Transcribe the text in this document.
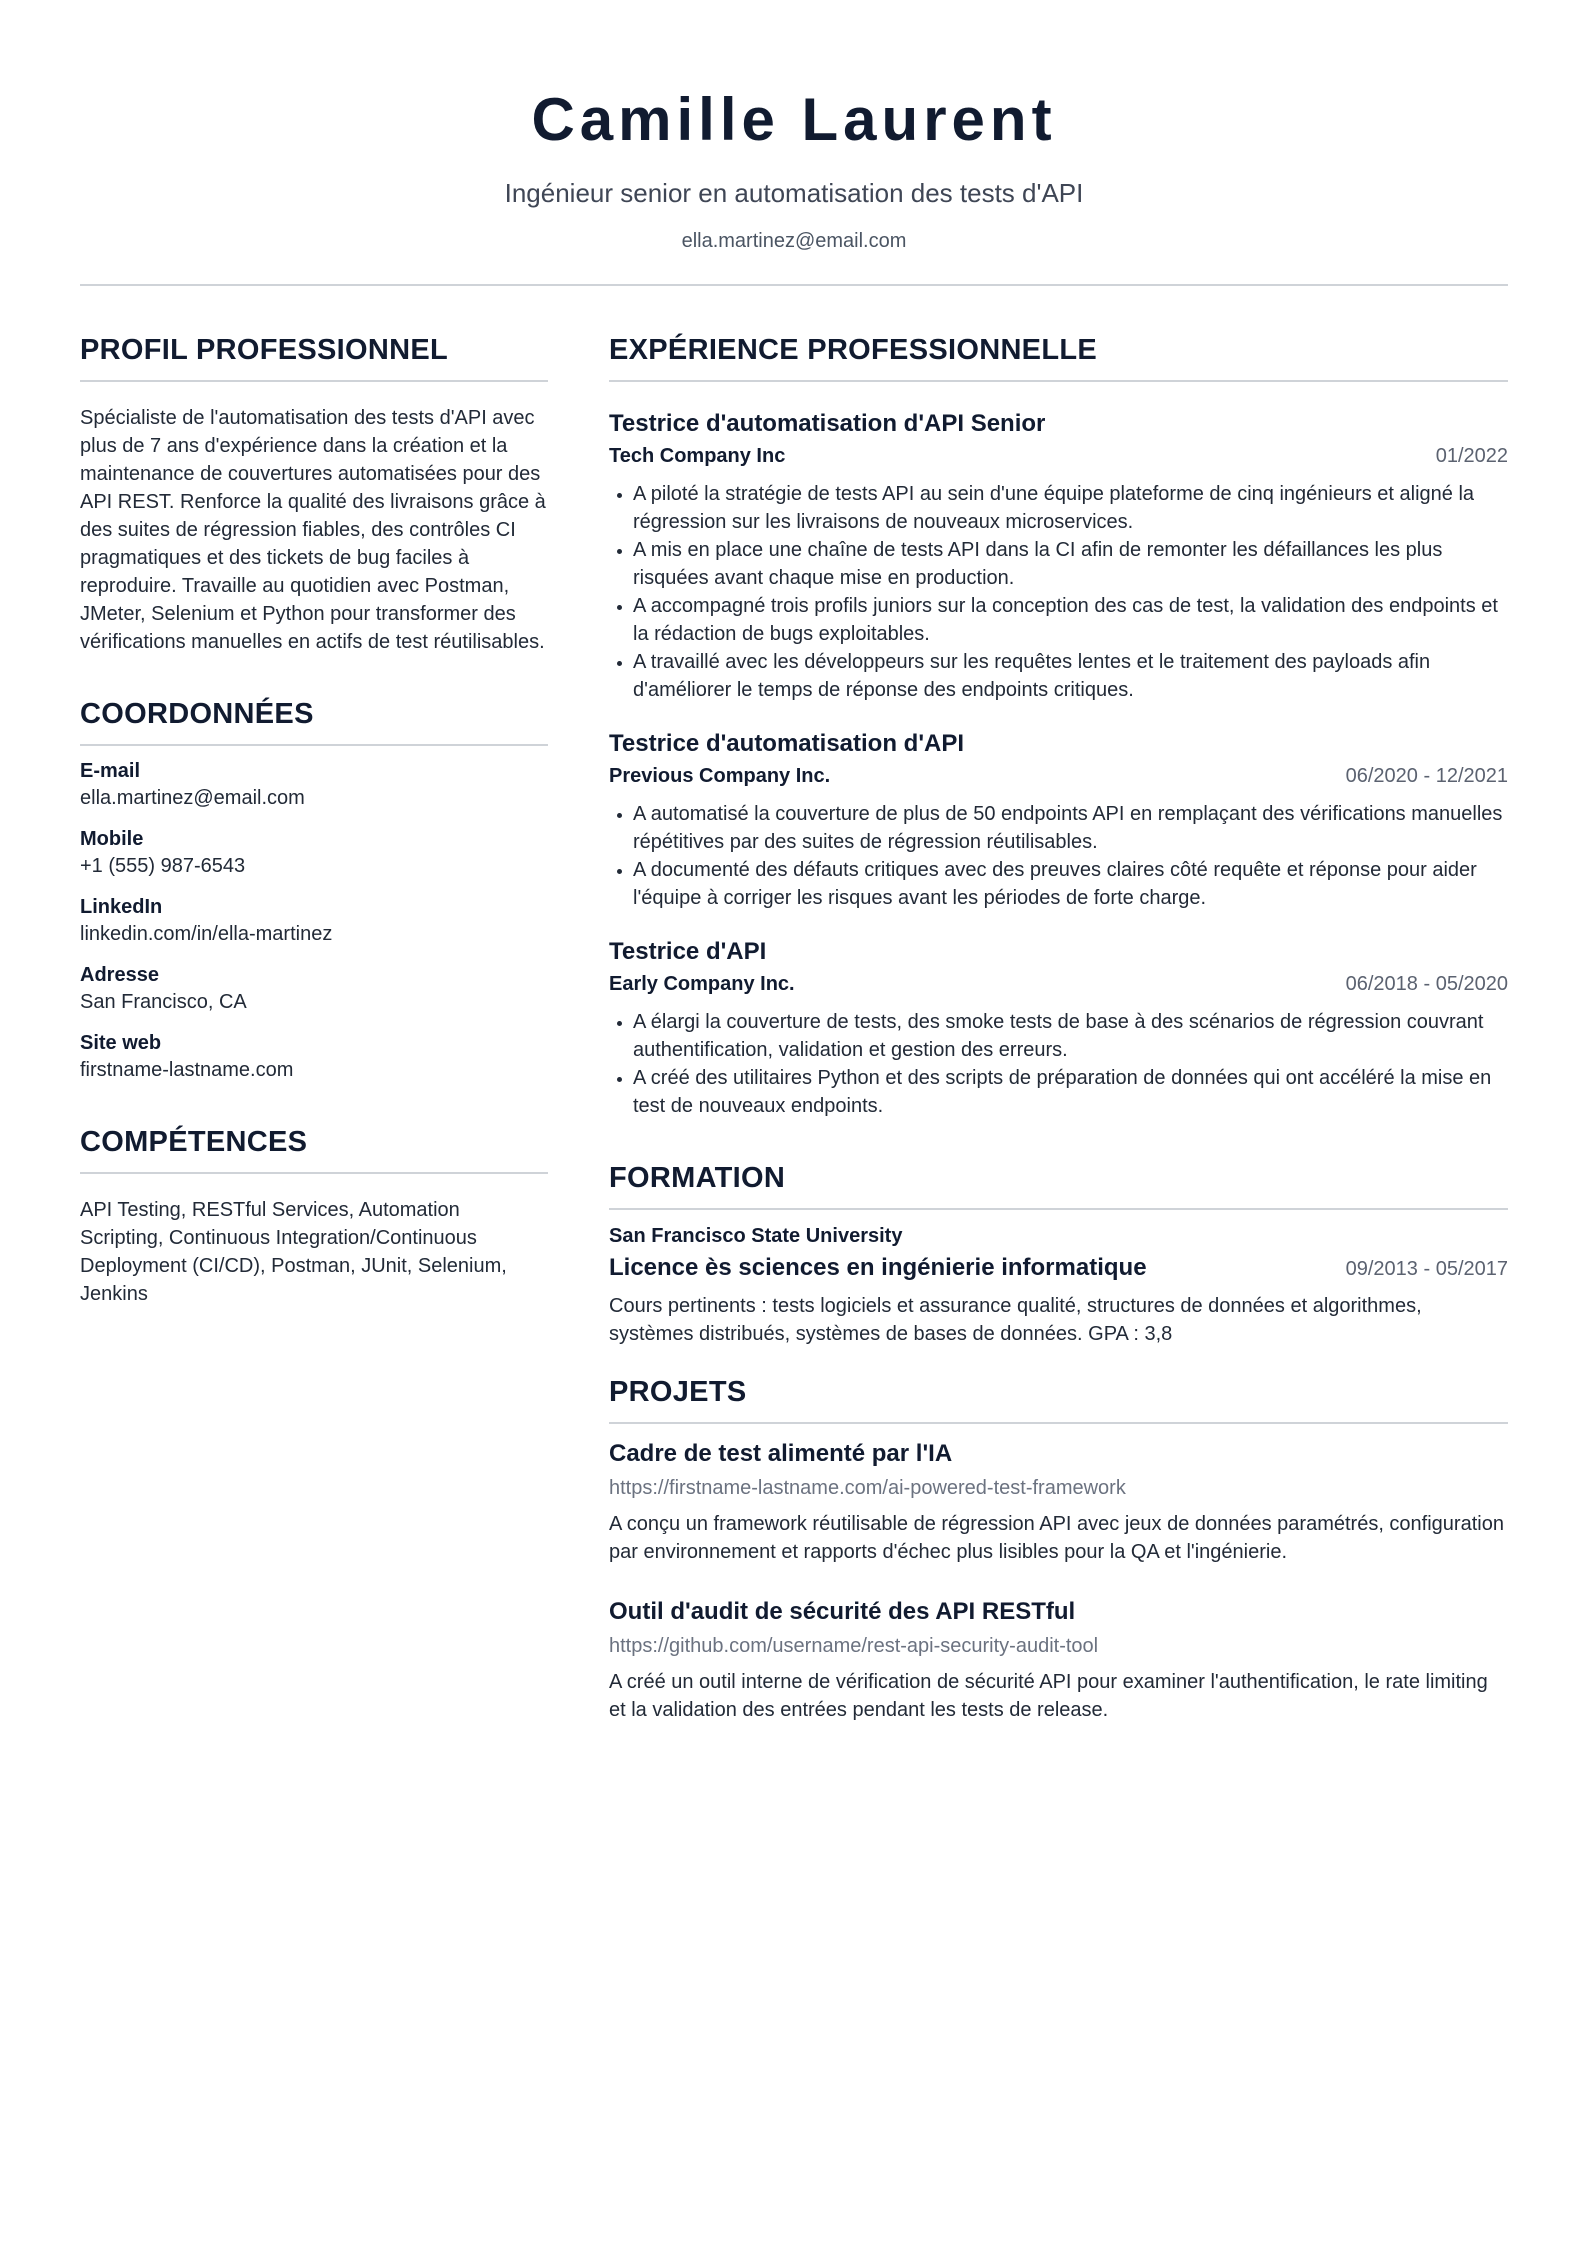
Camille Laurent
Ingénieur senior en automatisation des tests d'API
ella.martinez@email.com
PROFIL PROFESSIONNEL
Spécialiste de l'automatisation des tests d'API avec plus de 7 ans d'expérience dans la création et la maintenance de couvertures automatisées pour des API REST. Renforce la qualité des livraisons grâce à des suites de régression fiables, des contrôles CI pragmatiques et des tickets de bug faciles à reproduire. Travaille au quotidien avec Postman, JMeter, Selenium et Python pour transformer des vérifications manuelles en actifs de test réutilisables.
COORDONNÉES
E-mail
ella.martinez@email.com
Mobile
+1 (555) 987-6543
LinkedIn
linkedin.com/in/ella-martinez
Adresse
San Francisco, CA
Site web
firstname-lastname.com
COMPÉTENCES
API Testing, RESTful Services, Automation Scripting, Continuous Integration/Continuous Deployment (CI/CD), Postman, JUnit, Selenium, Jenkins
EXPÉRIENCE PROFESSIONNELLE
Testrice d'automatisation d'API Senior
Tech Company Inc	01/2022
A piloté la stratégie de tests API au sein d'une équipe plateforme de cinq ingénieurs et aligné la régression sur les livraisons de nouveaux microservices.
A mis en place une chaîne de tests API dans la CI afin de remonter les défaillances les plus risquées avant chaque mise en production.
A accompagné trois profils juniors sur la conception des cas de test, la validation des endpoints et la rédaction de bugs exploitables.
A travaillé avec les développeurs sur les requêtes lentes et le traitement des payloads afin d'améliorer le temps de réponse des endpoints critiques.
Testrice d'automatisation d'API
Previous Company Inc.	06/2020 - 12/2021
A automatisé la couverture de plus de 50 endpoints API en remplaçant des vérifications manuelles répétitives par des suites de régression réutilisables.
A documenté des défauts critiques avec des preuves claires côté requête et réponse pour aider l'équipe à corriger les risques avant les périodes de forte charge.
Testrice d'API
Early Company Inc.	06/2018 - 05/2020
A élargi la couverture de tests, des smoke tests de base à des scénarios de régression couvrant authentification, validation et gestion des erreurs.
A créé des utilitaires Python et des scripts de préparation de données qui ont accéléré la mise en test de nouveaux endpoints.
FORMATION
San Francisco State University
Licence ès sciences en ingénierie informatique	09/2013 - 05/2017
Cours pertinents : tests logiciels et assurance qualité, structures de données et algorithmes, systèmes distribués, systèmes de bases de données. GPA : 3,8
PROJETS
Cadre de test alimenté par l'IA
https://firstname-lastname.com/ai-powered-test-framework
A conçu un framework réutilisable de régression API avec jeux de données paramétrés, configuration par environnement et rapports d'échec plus lisibles pour la QA et l'ingénierie.
Outil d'audit de sécurité des API RESTful
https://github.com/username/rest-api-security-audit-tool
A créé un outil interne de vérification de sécurité API pour examiner l'authentification, le rate limiting et la validation des entrées pendant les tests de release.
